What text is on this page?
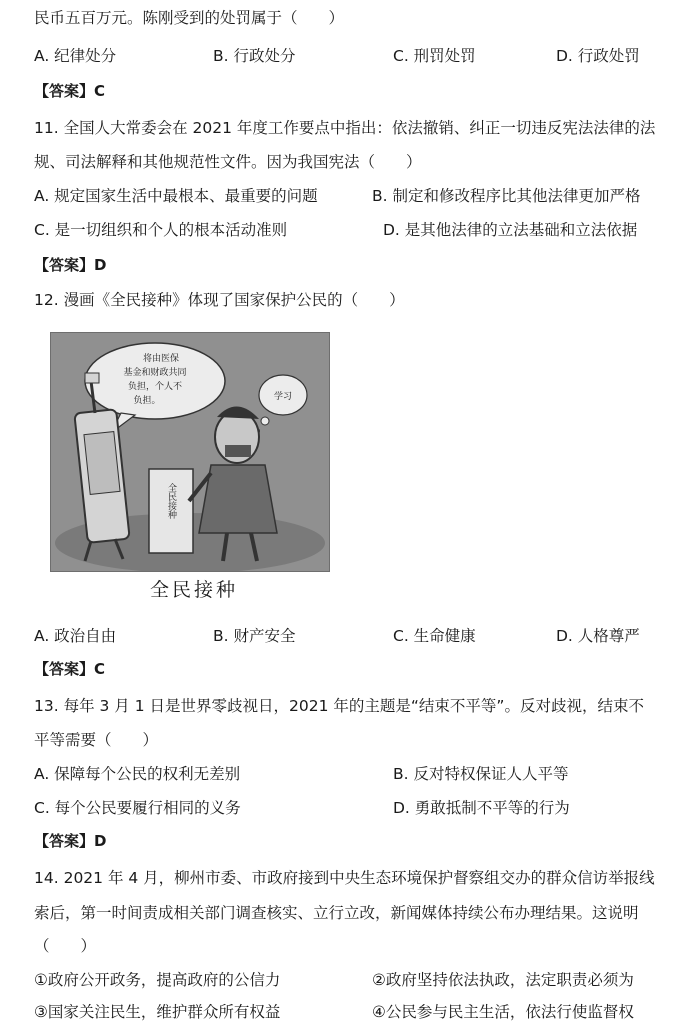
民币五百万元。陈刚受到的处罚属于（　　）
A. 纪律处分	B. 行政处分	C. 刑罚处罚	D. 行政处罚
【答案】C
11. 全国人大常委会在 2021 年度工作要点中指出：依法撤销、纠正一切违反宪法法律的法
规、司法解释和其他规范性文件。因为我国宪法（　　）
A. 规定国家生活中最根本、最重要的问题	B. 制定和修改程序比其他法律更加严格
C. 是一切组织和个人的根本活动准则	D. 是其他法律的立法基础和立法依据
【答案】D
12. 漫画《全民接种》体现了国家保护公民的（　　）
将由医保
基金和财政共同
负担，个人不
负担。	学习
全民接种
全民接种
A. 政治自由	B. 财产安全	C. 生命健康	D. 人格尊严
【答案】C
13. 每年 3 月 1 日是世界零歧视日，2021 年的主题是“结束不平等”。反对歧视，结束不
平等需要（　　）
A. 保障每个公民的权利无差别	B. 反对特权保证人人平等
C. 每个公民要履行相同的义务	D. 勇敢抵制不平等的行为
【答案】D
14. 2021 年 4 月，柳州市委、市政府接到中央生态环境保护督察组交办的群众信访举报线
索后，第一时间责成相关部门调查核实、立行立改，新闻媒体持续公布办理结果。这说明
（　　）
①政府公开政务，提高政府的公信力	②政府坚持依法执政，法定职责必须为
③国家关注民生，维护群众所有权益	④公民参与民主生活，依法行使监督权
